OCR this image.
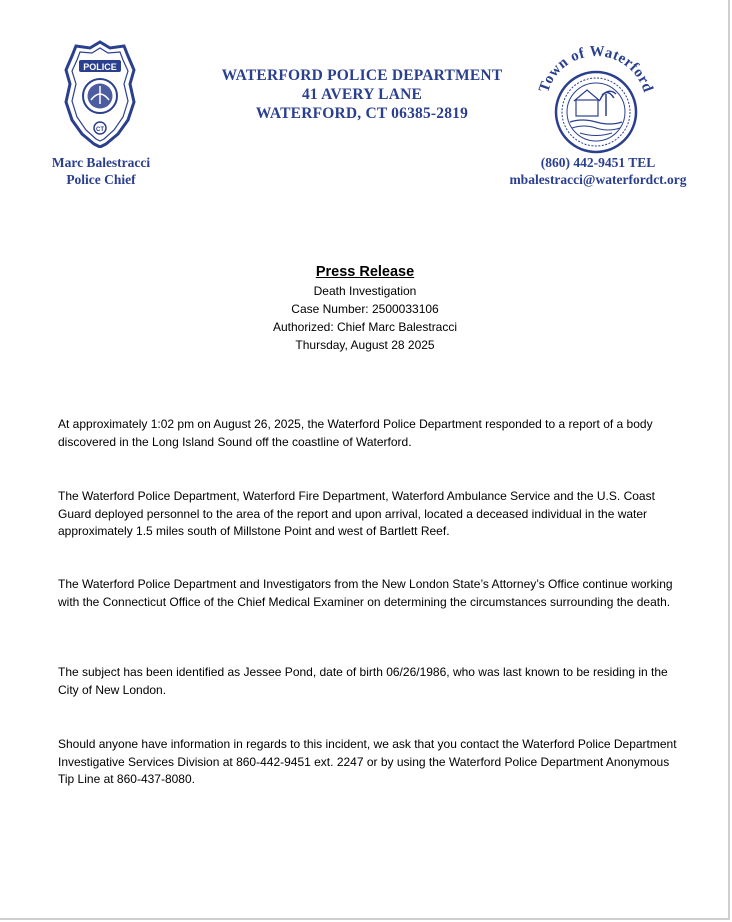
POLICE
CT
Town of Waterford
WATERFORD POLICE DEPARTMENT
41 AVERY LANE
WATERFORD, CT 06385-2819
Marc Balestracci
Police Chief
(860) 442-9451 TEL
mbalestracci@waterfordct.org
Press Release
Death Investigation
Case Number: 2500033106
Authorized: Chief Marc Balestracci
Thursday, August 28 2025
At approximately 1:02 pm on August 26, 2025, the Waterford Police Department responded to a report of a body discovered in the Long Island Sound off the coastline of Waterford.
The Waterford Police Department, Waterford Fire Department, Waterford Ambulance Service and the U.S. Coast Guard deployed personnel to the area of the report and upon arrival, located a deceased individual in the water approximately 1.5 miles south of Millstone Point and west of Bartlett Reef.
The Waterford Police Department and Investigators from the New London State’s Attorney’s Office continue working with the Connecticut Office of the Chief Medical Examiner on determining the circumstances surrounding the death.
The subject has been identified as Jessee Pond, date of birth 06/26/1986, who was last known to be residing in the City of New London.
Should anyone have information in regards to this incident, we ask that you contact the Waterford Police Department Investigative Services Division at 860-442-9451 ext. 2247 or by using the Waterford Police Department Anonymous Tip Line at 860-437-8080.
